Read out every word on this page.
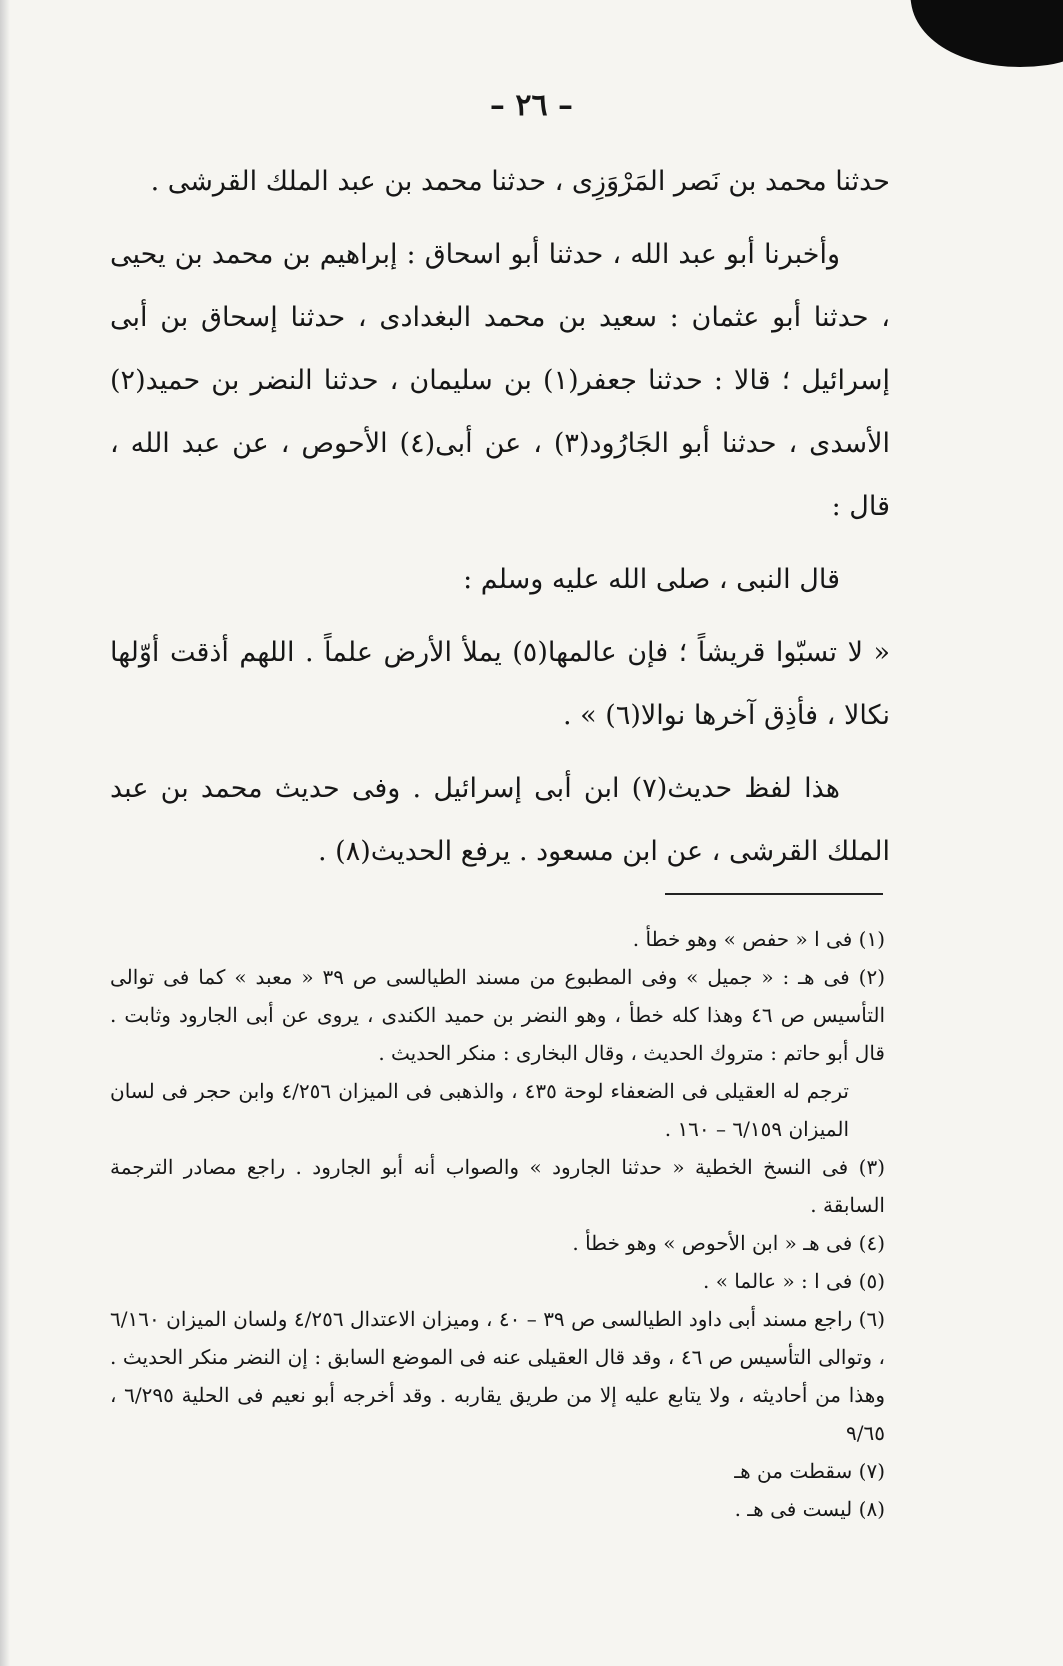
– ٢٦ –

حدثنا محمد بن نَصر المَرْوَزِى ، حدثنا محمد بن عبد الملك القرشى .

وأخبرنا أبو عبد الله ، حدثنا أبو اسحاق : إبراهيم بن محمد بن يحيى ، حدثنا أبو عثمان : سعيد بن محمد البغدادى ، حدثنا إسحاق بن أبى إسرائيل ؛ قالا : حدثنا جعفر(١) بن سليمان ، حدثنا النضر بن حميد(٢) الأسدى ، حدثنا أبو الجَارُود(٣) ، عن أبى(٤) الأحوص ، عن عبد الله ، قال :

قال النبى ، صلى الله عليه وسلم :

« لا تسبّوا قريشاً ؛ فإن عالمها(٥) يملأ الأرض علماً . اللهم أذقت أوّلها نكالا ، فأذِق آخرها نوالا(٦) » .

هذا لفظ حديث(٧) ابن أبى إسرائيل . وفى حديث محمد بن عبد الملك القرشى ، عن ابن مسعود . يرفع الحديث(٨) .

(١) فى ا « حفص » وهو خطأ .

(٢) فى هـ : « جميل » وفى المطبوع من مسند الطيالسى ص ٣٩ « معبد » كما فى توالى التأسيس ص ٤٦ وهذا كله خطأ ، وهو النضر بن حميد الكندى ، يروى عن أبى الجارود وثابت . قال أبو حاتم : متروك الحديث ، وقال البخارى : منكر الحديث .

ترجم له العقيلى فى الضعفاء لوحة ٤٣٥ ، والذهبى فى الميزان ٤/٢٥٦ وابن حجر فى لسان الميزان ٦/١٥٩ – ١٦٠ .

(٣) فى النسخ الخطية « حدثنا الجارود » والصواب أنه أبو الجارود . راجع مصادر الترجمة السابقة .

(٤) فى هـ « ابن الأحوص » وهو خطأ .

(٥) فى ا : « عالما » .

(٦) راجع مسند أبى داود الطيالسى ص ٣٩ – ٤٠ ، وميزان الاعتدال ٤/٢٥٦ ولسان الميزان ٦/١٦٠ ، وتوالى التأسيس ص ٤٦ ، وقد قال العقيلى عنه فى الموضع السابق : إن النضر منكر الحديث . وهذا من أحاديثه ، ولا يتابع عليه إلا من طريق يقاربه . وقد أخرجه أبو نعيم فى الحلية ٦/٢٩٥ ، ٩/٦٥

(٧) سقطت من هـ

(٨) ليست فى هـ .
